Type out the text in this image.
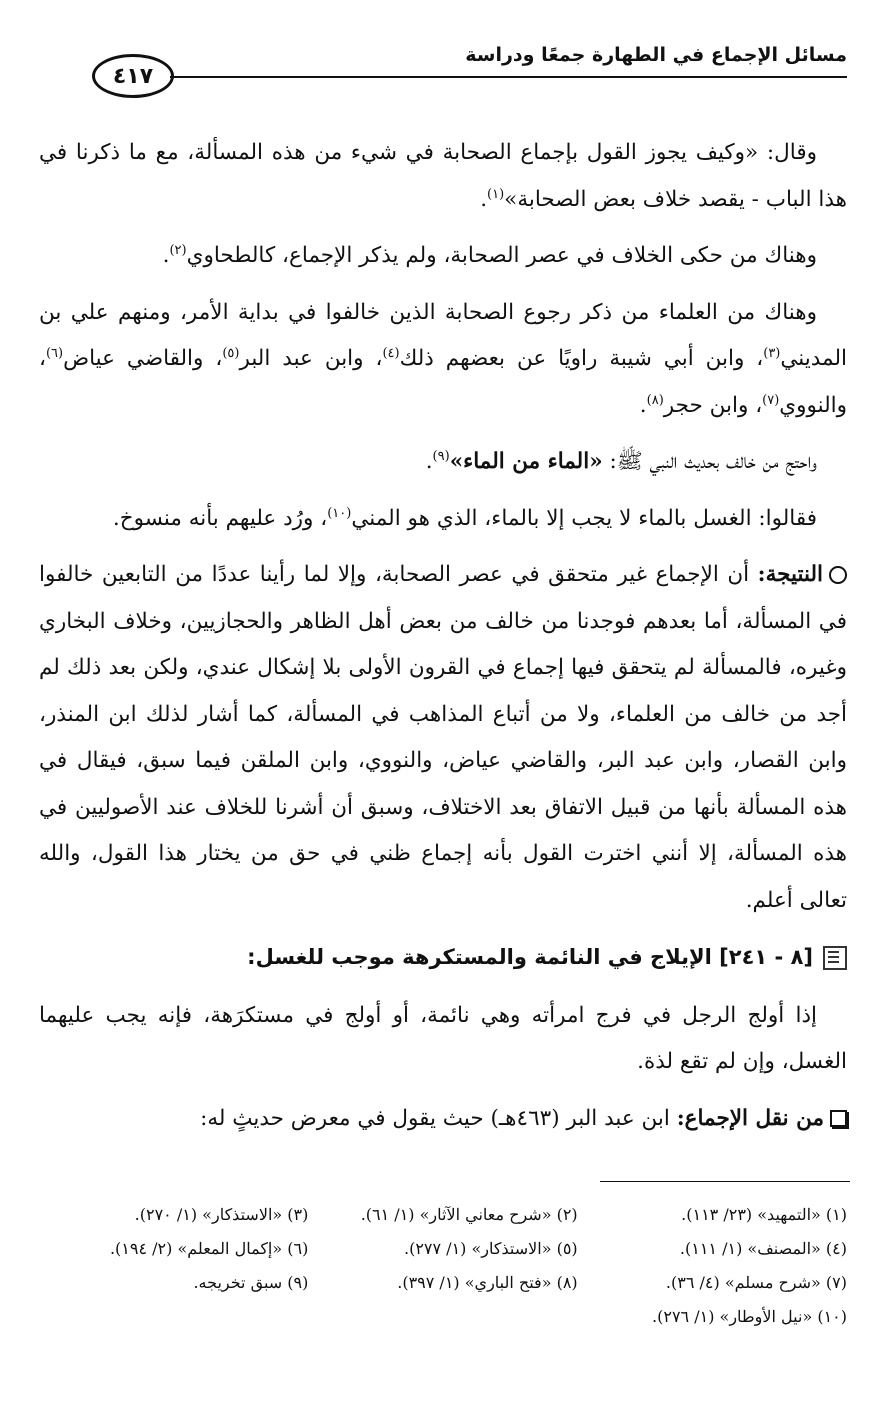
مسائل الإجماع في الطهارة جمعًا ودراسة
٤١٧

وقال: «وكيف يجوز القول بإجماع الصحابة في شيء من هذه المسألة، مع ما ذكرنا في هذا الباب - يقصد خلاف بعض الصحابة»$^{(١)}$.

وهناك من حكى الخلاف في عصر الصحابة، ولم يذكر الإجماع، كالطحاوي$^{(٢)}$.

وهناك من العلماء من ذكر رجوع الصحابة الذين خالفوا في بداية الأمر، ومنهم علي بن المديني$^{(٣)}$، وابن أبي شيبة راويًا عن بعضهم ذلك$^{(٤)}$، وابن عبد البر$^{(٥)}$، والقاضي عياض$^{(٦)}$، والنووي$^{(٧)}$، وابن حجر$^{(٨)}$.

واحتج من خالف بحديث النبي ﷺ: «الماء من الماء»$^{(٩)}$.

فقالوا: الغسل بالماء لا يجب إلا بالماء، الذي هو المني$^{(١٠)}$، ورُد عليهم بأنه منسوخ.

النتيجة: أن الإجماع غير متحقق في عصر الصحابة، وإلا لما رأينا عددًا من التابعين خالفوا في المسألة، أما بعدهم فوجدنا من خالف من بعض أهل الظاهر والحجازيين، وخلاف البخاري وغيره، فالمسألة لم يتحقق فيها إجماع في القرون الأولى بلا إشكال عندي، ولكن بعد ذلك لم أجد من خالف من العلماء، ولا من أتباع المذاهب في المسألة، كما أشار لذلك ابن المنذر، وابن القصار، وابن عبد البر، والقاضي عياض، والنووي، وابن الملقن فيما سبق، فيقال في هذه المسألة بأنها من قبيل الاتفاق بعد الاختلاف، وسبق أن أشرنا للخلاف عند الأصوليين في هذه المسألة، إلا أنني اخترت القول بأنه إجماع ظني في حق من يختار هذا القول، والله تعالى أعلم.

[٨ - ٢٤١] الإيلاج في النائمة والمستكرهة موجب للغسل:

إذا أولج الرجل في فرج امرأته وهي نائمة، أو أولج في مستكرَهة، فإنه يجب عليهما الغسل، وإن لم تقع لذة.

من نقل الإجماع: ابن عبد البر (٤٦٣هـ) حيث يقول في معرض حديثٍ له:

(١) «التمهيد» (٢٣/ ١١٣).
(٢) «شرح معاني الآثار» (١/ ٦١).
(٣) «الاستذكار» (١/ ٢٧٠).
(٤) «المصنف» (١/ ١١١).
(٥) «الاستذكار» (١/ ٢٧٧).
(٦) «إكمال المعلم» (٢/ ١٩٤).
(٧) «شرح مسلم» (٤/ ٣٦).
(٨) «فتح الباري» (١/ ٣٩٧).
(٩) سبق تخريجه.
(١٠) «نيل الأوطار» (١/ ٢٧٦).
